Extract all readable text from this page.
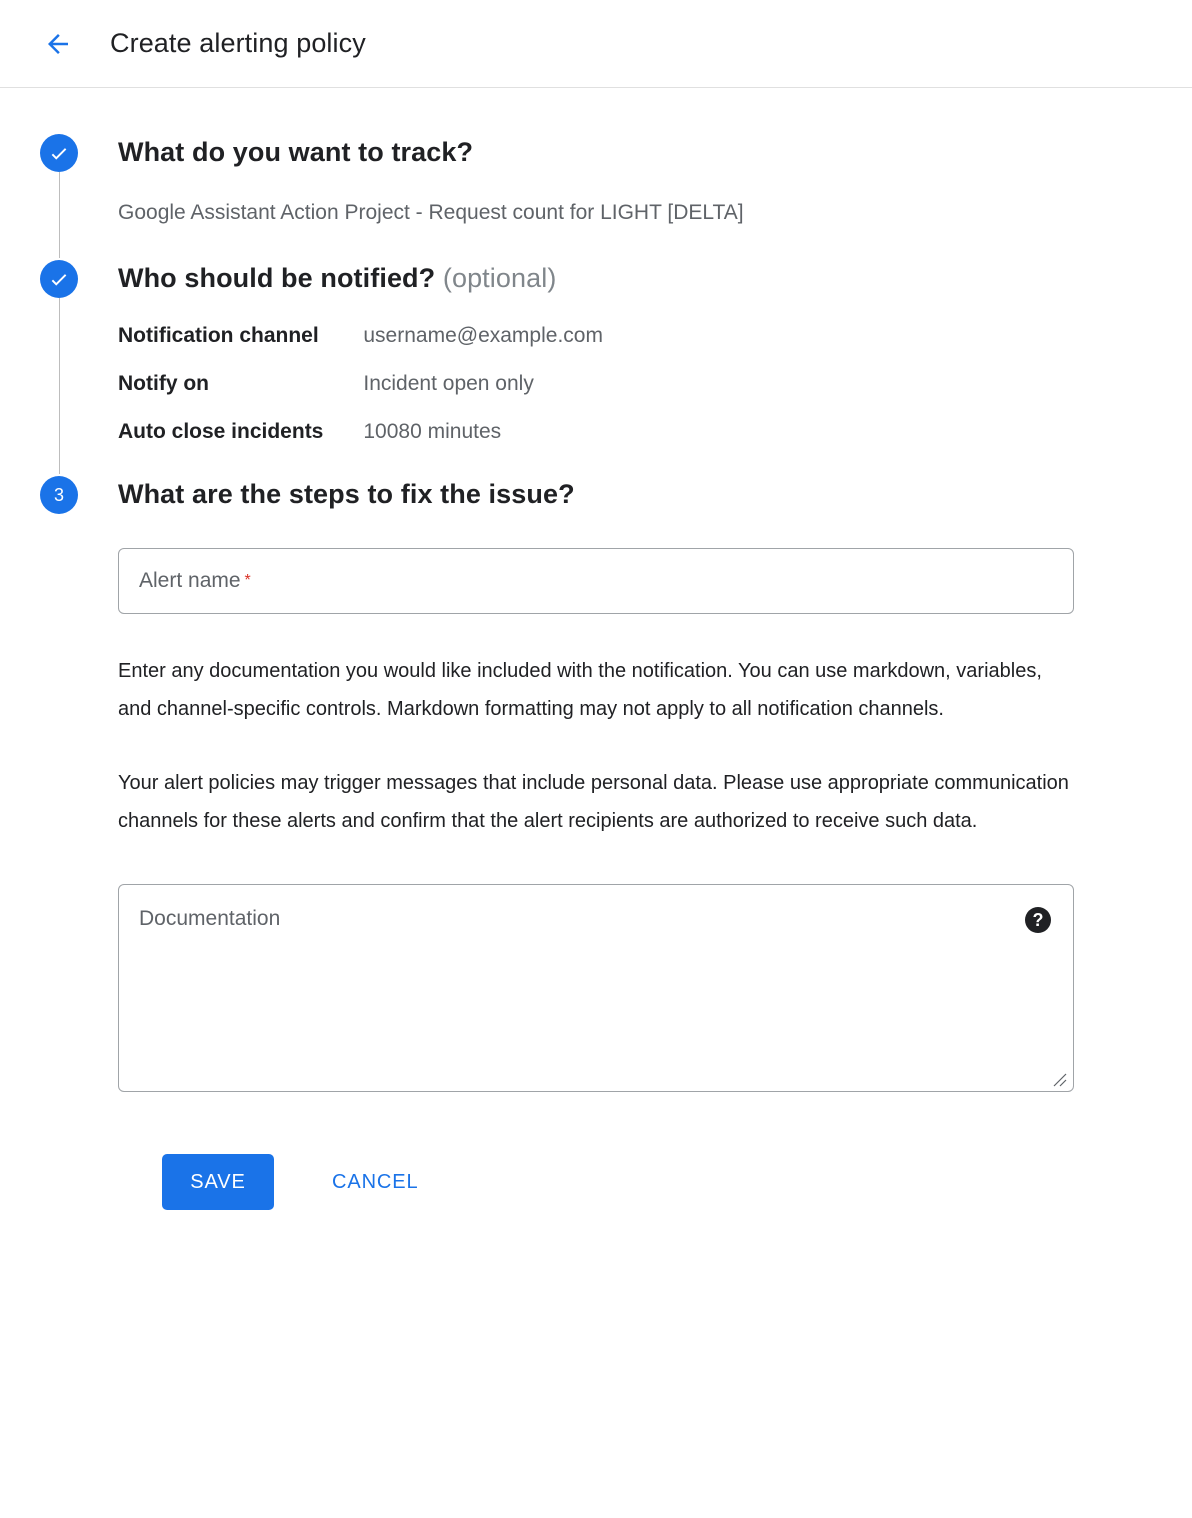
Create alerting policy
What do you want to track?
Google Assistant Action Project - Request count for LIGHT [DELTA]
Who should be notified? (optional)
Notification channel	username@example.com
Notify on	Incident open only
Auto close incidents	10080 minutes
3	What are the steps to fix the issue?
Alert name *

Enter any documentation you would like included with the notification. You can use markdown, variables, and channel-specific controls. Markdown formatting may not apply to all notification channels.

Your alert policies may trigger messages that include personal data. Please use appropriate communication channels for these alerts and confirm that the alert recipients are authorized to receive such data.

Documentation	?
SAVE	CANCEL
